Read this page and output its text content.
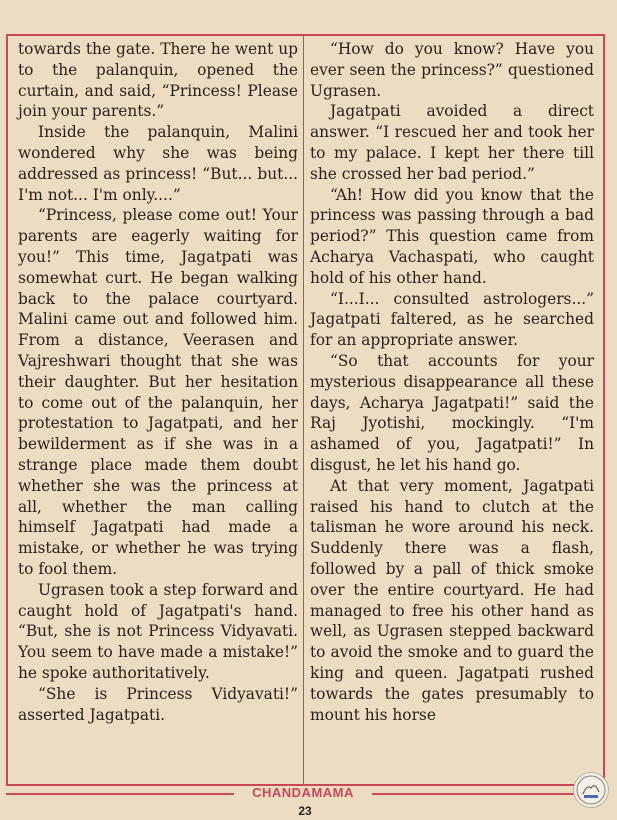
towards the gate. There he went up to the palanquin, opened the curtain, and said, “Princess! Please join your parents.”

Inside the palanquin, Malini wondered why she was being addressed as princess! “But... but... I'm not... I'm only....”

“Princess, please come out! Your parents are eagerly waiting for you!” This time, Jagatpati was somewhat curt. He began walking back to the palace courtyard. Malini came out and followed him. From a distance, Veerasen and Vajreshwari thought that she was their daughter. But her hesitation to come out of the palanquin, her protestation to Jagatpati, and her bewilderment as if she was in a strange place made them doubt whether she was the princess at all, whether the man calling himself Jagatpati had made a mistake, or whether he was trying to fool them.

Ugrasen took a step forward and caught hold of Jagatpati's hand. “But, she is not Princess Vidyavati. You seem to have made a mistake!” he spoke authoritatively.

“She is Princess Vidyavati!” asserted Jagatpati.

“How do you know? Have you ever seen the princess?” questioned Ugrasen.

Jagatpati avoided a direct answer. “I rescued her and took her to my palace. I kept her there till she crossed her bad period.”

“Ah! How did you know that the princess was passing through a bad period?” This question came from Acharya Vachaspati, who caught hold of his other hand.

“I...I... consulted astrologers...” Jagatpati faltered, as he searched for an appropriate answer.

“So that accounts for your mysterious disappearance all these days, Acharya Jagatpati!” said the Raj Jyotishi, mockingly. “I'm ashamed of you, Jagatpati!” In disgust, he let his hand go.

At that very moment, Jagatpati raised his hand to clutch at the talisman he wore around his neck. Suddenly there was a flash, followed by a pall of thick smoke over the entire courtyard. He had managed to free his other hand as well, as Ugrasen stepped backward to avoid the smoke and to guard the king and queen. Jagatpati rushed towards the gates presumably to mount his horse

CHANDAMAMA
23
